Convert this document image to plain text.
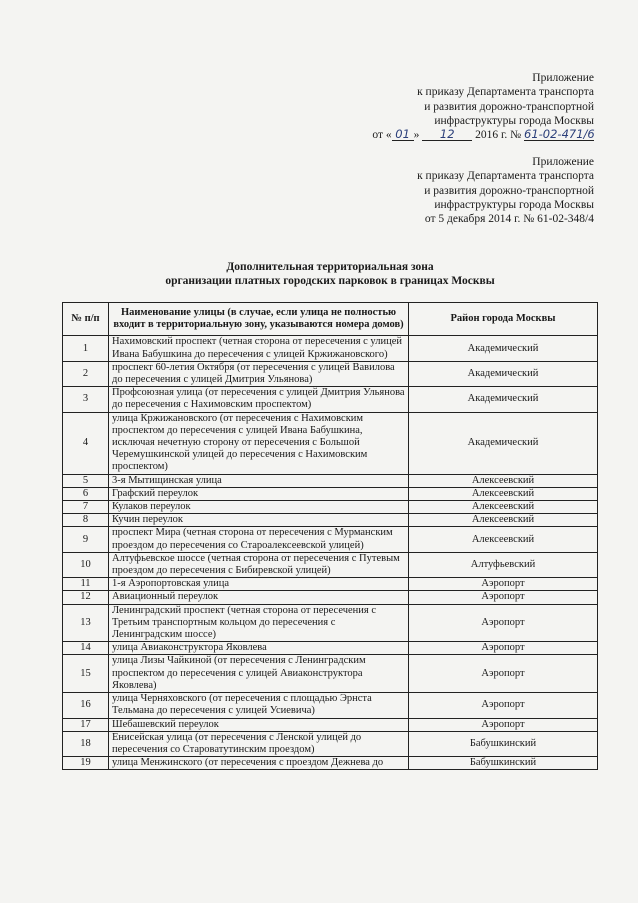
Приложение
к приказу Департамента транспорта
и развития дорожно-транспортной
инфраструктуры города Москвы
от « 01 » 12 2016 г. № 61-02-471/6
Приложение
к приказу Департамента транспорта
и развития дорожно-транспортной
инфраструктуры города Москвы
от 5 декабря 2014 г. № 61-02-348/4
Дополнительная территориальная зона
организации платных городских парковок в границах Москвы
№ п/п	Наименование улицы (в случае, если улица не полностью входит в территориальную зону, указываются номера домов)	Район города Москвы
1	Нахимовский проспект (четная сторона от пересечения с улицей Ивана Бабушкина до пересечения с улицей Кржижановского)	Академический
2	проспект 60-летия Октября (от пересечения с улицей Вавилова до пересечения с улицей Дмитрия Ульянова)	Академический
3	Профсоюзная улица (от пересечения с улицей Дмитрия Ульянова до пересечения с Нахимовским проспектом)	Академический
4	улица Кржижановского (от пересечения с Нахимовским проспектом до пересечения с улицей Ивана Бабушкина, исключая нечетную сторону от пересечения с Большой Черемушкинской улицей до пересечения с Нахимовским проспектом)	Академический
5	3-я Мытищинская улица	Алексеевский
6	Графский переулок	Алексеевский
7	Кулаков переулок	Алексеевский
8	Кучин переулок	Алексеевский
9	проспект Мира (четная сторона от пересечения с Мурманским проездом до пересечения со Староалексеевской улицей)	Алексеевский
10	Алтуфьевское шоссе (четная сторона от пересечения с Путевым проездом до пересечения с Бибиревской улицей)	Алтуфьевский
11	1-я Аэропортовская улица	Аэропорт
12	Авиационный переулок	Аэропорт
13	Ленинградский проспект (четная сторона от пересечения с Третьим транспортным кольцом до пересечения с Ленинградским шоссе)	Аэропорт
14	улица Авиаконструктора Яковлева	Аэропорт
15	улица Лизы Чайкиной (от пересечения с Ленинградским проспектом до пересечения с улицей Авиаконструктора Яковлева)	Аэропорт
16	улица Черняховского (от пересечения с площадью Эрнста Тельмана до пересечения с улицей Усиевича)	Аэропорт
17	Шебашевский переулок	Аэропорт
18	Енисейская улица (от пересечения с Ленской улицей до пересечения со Староватутинским проездом)	Бабушкинский
19	улица Менжинского (от пересечения с проездом Дежнева до	Бабушкинский
